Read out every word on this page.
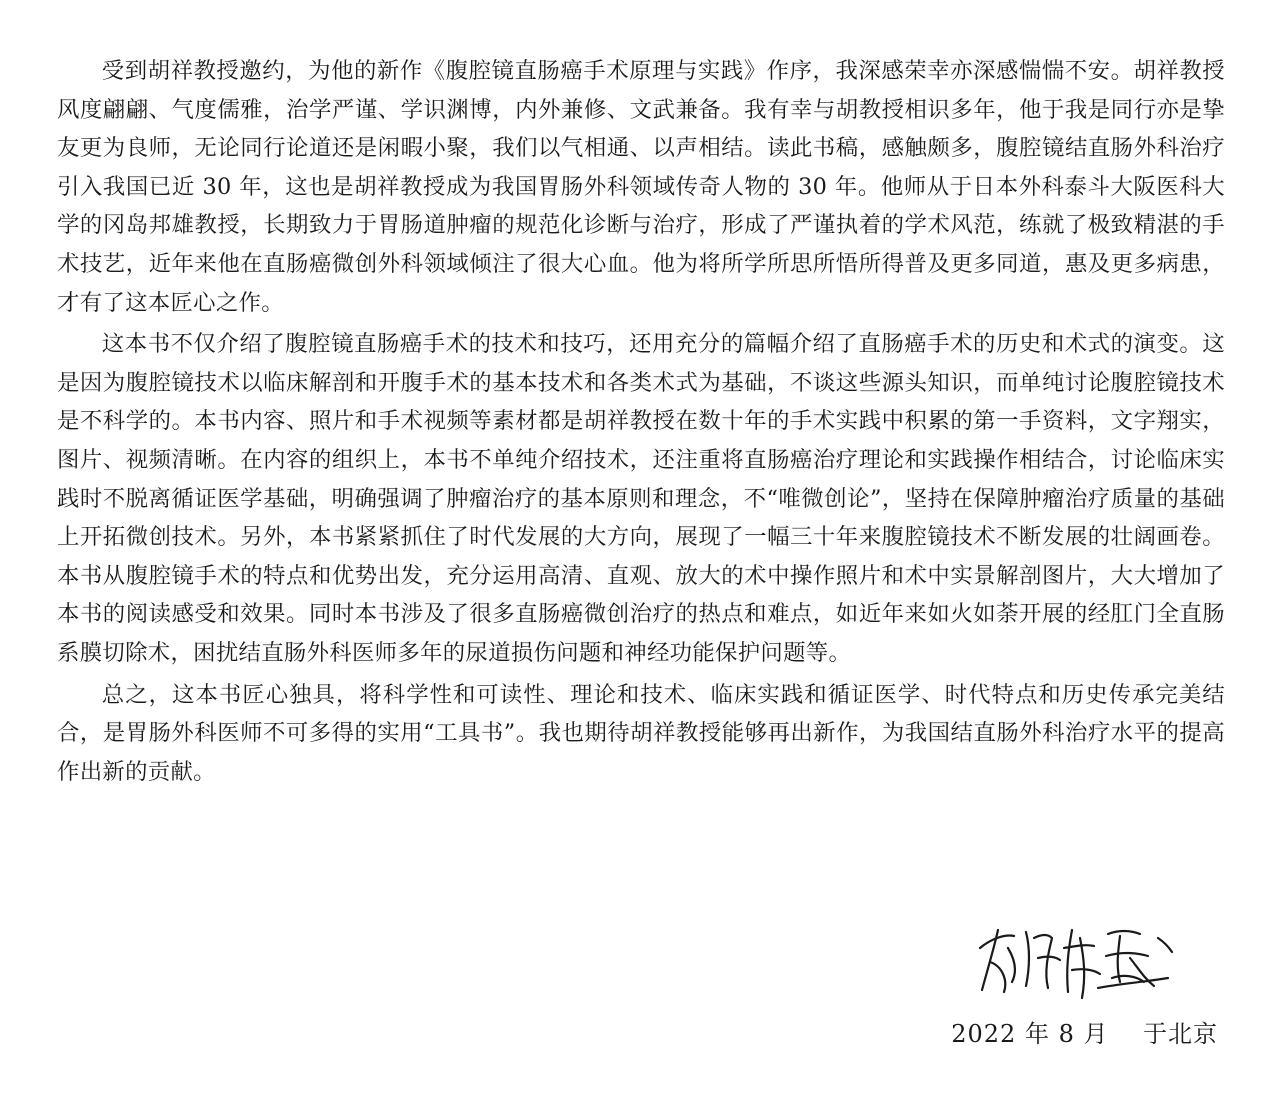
受到胡祥教授邀约，为他的新作《腹腔镜直肠癌手术原理与实践》作序，我深感荣幸亦深感惴惴不安。胡祥教授风度翩翩、气度儒雅，治学严谨、学识渊博，内外兼修、文武兼备。我有幸与胡教授相识多年，他于我是同行亦是挚友更为良师，无论同行论道还是闲暇小聚，我们以气相通、以声相结。读此书稿，感触颇多，腹腔镜结直肠外科治疗引入我国已近 30 年，这也是胡祥教授成为我国胃肠外科领域传奇人物的 30 年。他师从于日本外科泰斗大阪医科大学的冈岛邦雄教授，长期致力于胃肠道肿瘤的规范化诊断与治疗，形成了严谨执着的学术风范，练就了极致精湛的手术技艺，近年来他在直肠癌微创外科领域倾注了很大心血。他为将所学所思所悟所得普及更多同道，惠及更多病患，才有了这本匠心之作。

这本书不仅介绍了腹腔镜直肠癌手术的技术和技巧，还用充分的篇幅介绍了直肠癌手术的历史和术式的演变。这是因为腹腔镜技术以临床解剖和开腹手术的基本技术和各类术式为基础，不谈这些源头知识，而单纯讨论腹腔镜技术是不科学的。本书内容、照片和手术视频等素材都是胡祥教授在数十年的手术实践中积累的第一手资料，文字翔实，图片、视频清晰。在内容的组织上，本书不单纯介绍技术，还注重将直肠癌治疗理论和实践操作相结合，讨论临床实践时不脱离循证医学基础，明确强调了肿瘤治疗的基本原则和理念，不“唯微创论”，坚持在保障肿瘤治疗质量的基础上开拓微创技术。另外，本书紧紧抓住了时代发展的大方向，展现了一幅三十年来腹腔镜技术不断发展的壮阔画卷。本书从腹腔镜手术的特点和优势出发，充分运用高清、直观、放大的术中操作照片和术中实景解剖图片，大大增加了本书的阅读感受和效果。同时本书涉及了很多直肠癌微创治疗的热点和难点，如近年来如火如荼开展的经肛门全直肠系膜切除术，困扰结直肠外科医师多年的尿道损伤问题和神经功能保护问题等。

总之，这本书匠心独具，将科学性和可读性、理论和技术、临床实践和循证医学、时代特点和历史传承完美结合，是胃肠外科医师不可多得的实用“工具书”。我也期待胡祥教授能够再出新作，为我国结直肠外科治疗水平的提高作出新的贡献。

2022 年 8 月    于北京
